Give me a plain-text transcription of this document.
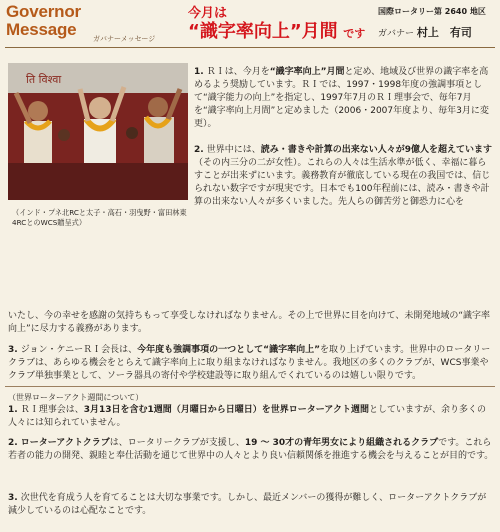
Governor
Message	ガバナーメッセージ
今月は
“識字率向上”月間 です
国際ロータリー第 2640 地区
ガバナー 村上　有司
ति विश्वा
（インド・プネ北RCと太子・高石・羽曳野・富田林東4RCとのWCS贈呈式）
1. ＲＩは、今月を“識字率向上”月間と定め、地域及び世界の識字率を高めるよう奨励しています。ＲＩでは、1997・1998年度の強調事項として“識字能力の向上”を指定し、1997年7月のＲＩ理事会で、毎年7月を“識字率向上月間”と定めました（2006・2007年度より、毎年3月に変更）。
2. 世界中には、読み・書きや計算の出来ない人々が9億人を超えています（その内三分の二が女性）。これらの人々は生活水準が低く、幸福に暮らすことが出来ずにいます。義務教育が徹底している現在の我国では、信じられない数字ですが現実です。日本でも100年程前には、読み・書きや計算の出来ない人々が多くいました。先人らの御苦労と御恐力に心を
いたし、今の幸せを感謝の気持ちもって享受しなければなりません。その上で世界に目を向けて、未開発地域の“識字率向上”に尽力する義務があります。
3. ジョン・ケニーＲＩ会長は、今年度も強調事項の一つとして“識字率向上”を取り上げています。世界中のロータリークラブは、あらゆる機会をとらえて識字率向上に取り組まなければなりません。我地区の多くのクラブが、WCS事業やクラブ単独事業として、ソーラ器具の寄付や学校建設等に取り組んでくれているのは嬉しい限りです。
（世界ローターアクト週間について）
1. ＲＩ理事会は、3月13日を含む1週間（月曜日から日曜日）を世界ローターアクト週間としていますが、余り多くの人々には知られていません。
2. ローターアクトクラブは、ロータリークラブが支援し、19 〜 30才の青年男女により組織されるクラブです。これら若者の能力の開発、親睦と奉仕活動を通じて世界中の人々とより良い信頼関係を推進する機会を与えることが目的です。
3. 次世代を育成う人を育てることは大切な事業です。しかし、最近メンバーの獲得が難しく、ローターアクトクラブが減少しているのは心配なことです。
